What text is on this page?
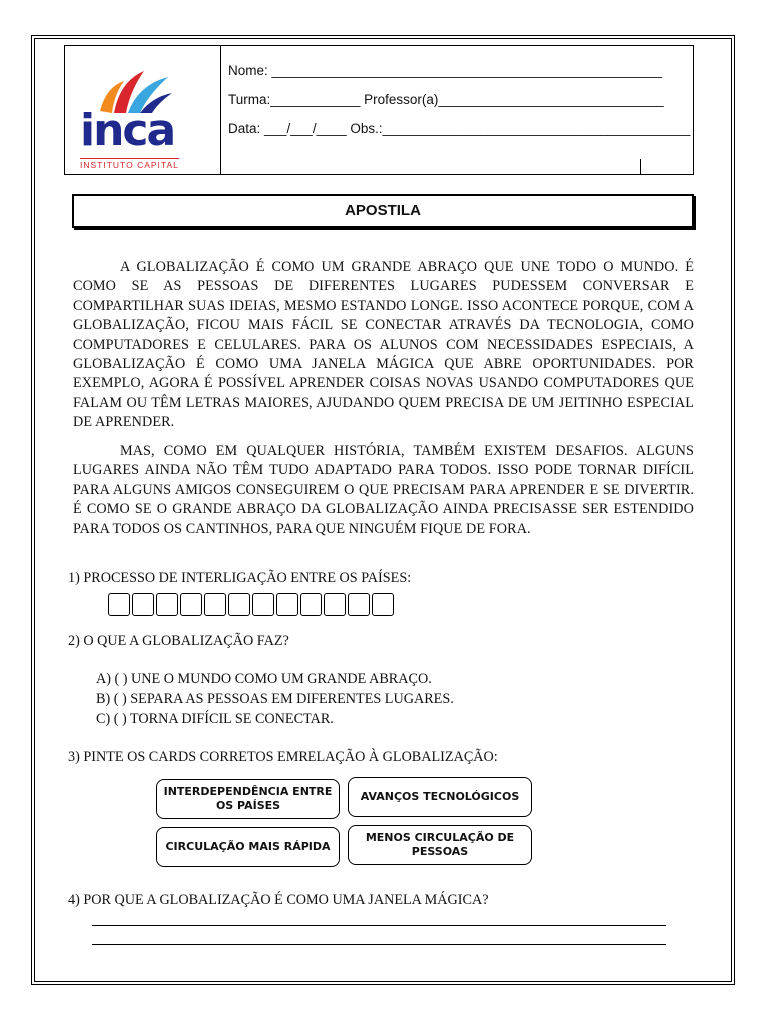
inca
INSTITUTO CAPITAL
Nome: ____________________________________________________
Turma:____________ Professor(a)______________________________
Data: ___/___/____ Obs.:_________________________________________
APOSTILA

A GLOBALIZAÇÃO É COMO UM GRANDE ABRAÇO QUE UNE TODO O MUNDO. É COMO SE AS PESSOAS DE DIFERENTES LUGARES PUDESSEM CONVERSAR E COMPARTILHAR SUAS IDEIAS, MESMO ESTANDO LONGE. ISSO ACONTECE PORQUE, COM A GLOBALIZAÇÃO, FICOU MAIS FÁCIL SE CONECTAR ATRAVÉS DA TECNOLOGIA, COMO COMPUTADORES E CELULARES. PARA OS ALUNOS COM NECESSIDADES ESPECIAIS, A GLOBALIZAÇÃO É COMO UMA JANELA MÁGICA QUE ABRE OPORTUNIDADES. POR EXEMPLO, AGORA É POSSÍVEL APRENDER COISAS NOVAS USANDO COMPUTADORES QUE FALAM OU TÊM LETRAS MAIORES, AJUDANDO QUEM PRECISA DE UM JEITINHO ESPECIAL DE APRENDER.

MAS, COMO EM QUALQUER HISTÓRIA, TAMBÉM EXISTEM DESAFIOS. ALGUNS LUGARES AINDA NÃO TÊM TUDO ADAPTADO PARA TODOS. ISSO PODE TORNAR DIFÍCIL PARA ALGUNS AMIGOS CONSEGUIREM O QUE PRECISAM PARA APRENDER E SE DIVERTIR. É COMO SE O GRANDE ABRAÇO DA GLOBALIZAÇÃO AINDA PRECISASSE SER ESTENDIDO PARA TODOS OS CANTINHOS, PARA QUE NINGUÉM FIQUE DE FORA.

1) PROCESSO DE INTERLIGAÇÃO ENTRE OS PAÍSES:
2) O QUE A GLOBALIZAÇÃO FAZ?
A) ( ) UNE O MUNDO COMO UM GRANDE ABRAÇO.
B) ( ) SEPARA AS PESSOAS EM DIFERENTES LUGARES.
C) ( ) TORNA DIFÍCIL SE CONECTAR.
3) PINTE OS CARDS CORRETOS EMRELAÇÃO À GLOBALIZAÇÃO:
INTERDEPENDÊNCIA ENTRE OS PAÍSES
AVANÇOS TECNOLÓGICOS
CIRCULAÇÃO MAIS RÁPIDA
MENOS CIRCULAÇÃO DE PESSOAS
4) POR QUE A GLOBALIZAÇÃO É COMO UMA JANELA MÁGICA?
